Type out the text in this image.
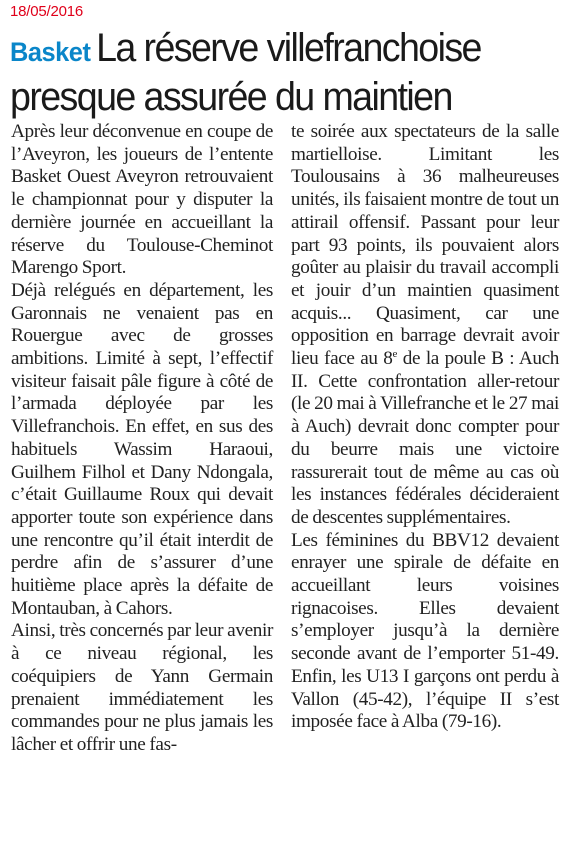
18/05/2016
Basket La réserve villefranchoise
presque assurée du maintien

Après leur déconvenue en coupe de l’Aveyron, les joueurs de l’entente Basket Ouest Aveyron retrouvaient le championnat pour y disputer la dernière journée en accueillant la réserve du Toulouse-Cheminot Marengo Sport.

Déjà relégués en département, les Garonnais ne venaient pas en Rouergue avec de grosses ambitions. Limité à sept, l’effectif visiteur faisait pâle figure à côté de l’armada déployée par les Villefranchois. En effet, en sus des habituels Wassim Haraoui, Guilhem Filhol et Dany Ndongala, c’était Guillaume Roux qui devait apporter toute son expérience dans une rencontre qu’il était interdit de perdre afin de s’assurer d’une huitième place après la défaite de Montauban, à Cahors.

Ainsi, très concernés par leur avenir à ce niveau régional, les coéquipiers de Yann Germain prenaient immédiatement les commandes pour ne plus jamais les lâcher et offrir une fas-

te soirée aux spectateurs de la salle martielloise. Limitant les Toulousains à 36 malheureuses unités, ils faisaient montre de tout un attirail offensif. Passant pour leur part 93 points, ils pouvaient alors goûter au plaisir du travail accompli et jouir d’un maintien quasiment acquis... Quasiment, car une opposition en barrage devrait avoir lieu face au 8e de la poule B : Auch II. Cette confrontation aller-retour (le 20 mai à Villefranche et le 27 mai à Auch) devrait donc compter pour du beurre mais une victoire rassurerait tout de même au cas où les instances fédérales décideraient de descentes supplémentaires.

Les féminines du BBV12 devaient enrayer une spirale de défaite en accueillant leurs voisines rignacoises. Elles devaient s’employer jusqu’à la dernière seconde avant de l’emporter 51-49. Enfin, les U13 I garçons ont perdu à Vallon (45-42), l’équipe II s’est imposée face à Alba (79-16).
